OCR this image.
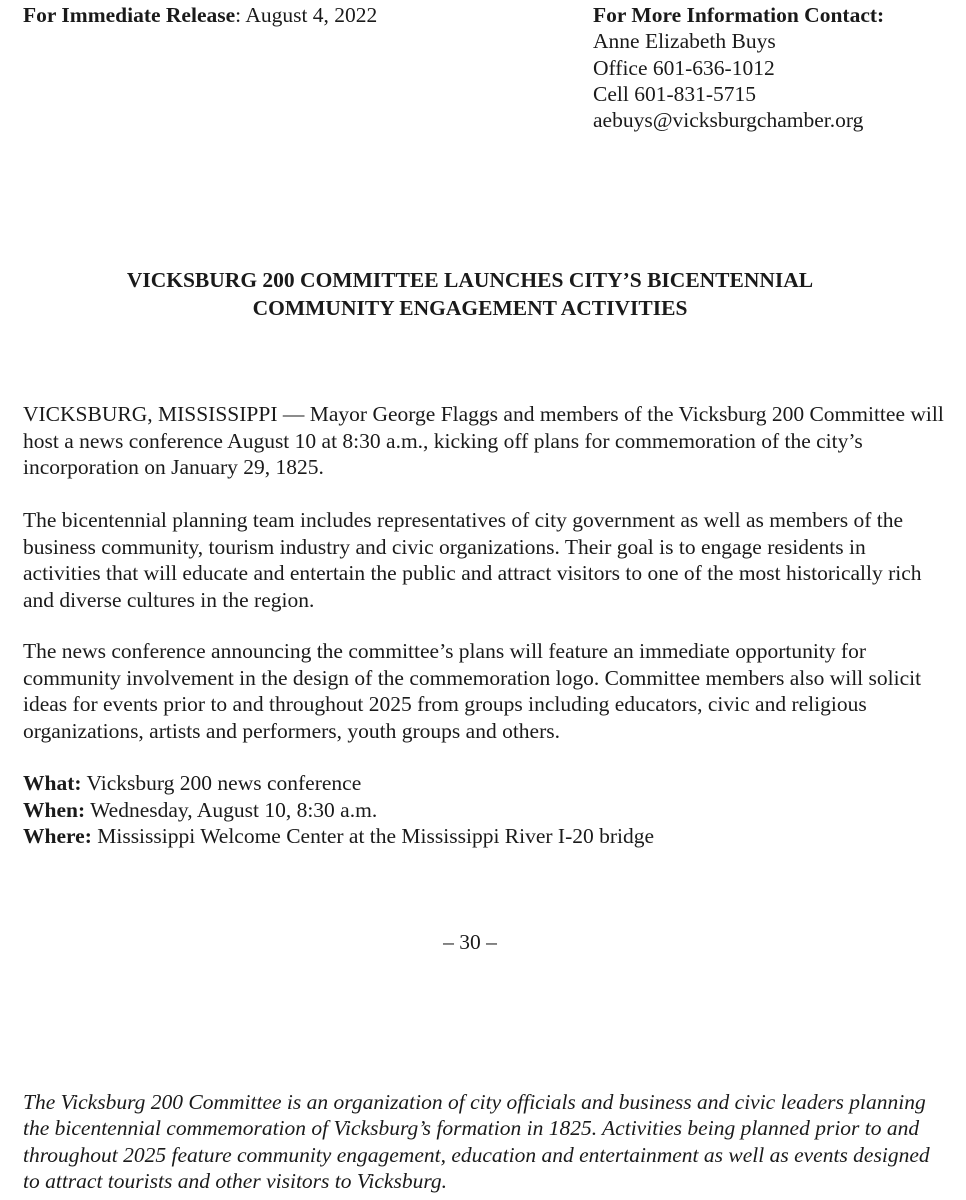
For Immediate Release: August 4, 2022	For More Information Contact:
Anne Elizabeth Buys
Office 601-636-1012
Cell 601-831-5715
aebuys@vicksburgchamber.org
VICKSBURG 200 COMMITTEE LAUNCHES CITY’S BICENTENNIAL
COMMUNITY ENGAGEMENT ACTIVITIES
VICKSBURG, MISSISSIPPI — Mayor George Flaggs and members of the Vicksburg 200 Committee will host a news conference August 10 at 8:30 a.m., kicking off plans for commemoration of the city’s incorporation on January 29, 1825.
The bicentennial planning team includes representatives of city government as well as members of the business community, tourism industry and civic organizations. Their goal is to engage residents in activities that will educate and entertain the public and attract visitors to one of the most historically rich and diverse cultures in the region.
The news conference announcing the committee’s plans will feature an immediate opportunity for community involvement in the design of the commemoration logo. Committee members also will solicit ideas for events prior to and throughout 2025 from groups including educators, civic and religious organizations, artists and performers, youth groups and others.
What: Vicksburg 200 news conference
When: Wednesday, August 10, 8:30 a.m.
Where: Mississippi Welcome Center at the Mississippi River I-20 bridge
– 30 –
The Vicksburg 200 Committee is an organization of city officials and business and civic leaders planning the bicentennial commemoration of Vicksburg’s formation in 1825. Activities being planned prior to and throughout 2025 feature community engagement, education and entertainment as well as events designed to attract tourists and other visitors to Vicksburg.
